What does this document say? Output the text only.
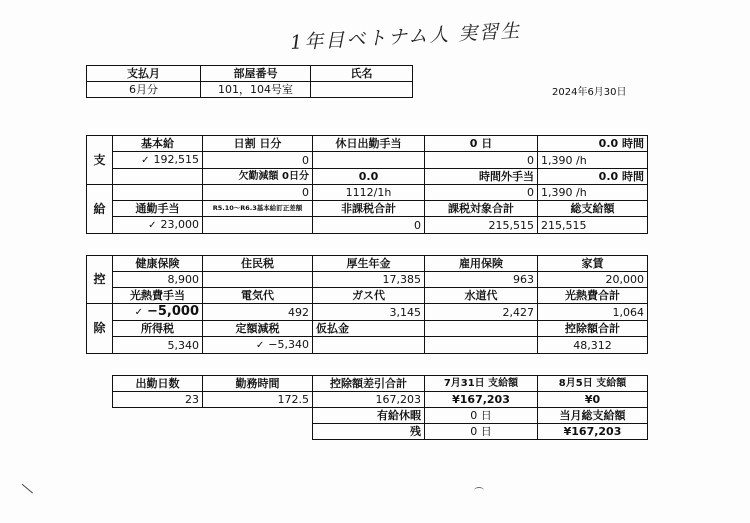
1年目ベトナム人 実習生
支払月	部屋番号	氏名
6月分	101，104号室		2024年6月30日
支	基本給	日割 日分	休日出勤手当	0 日	0.0 時間
	✓ 192,515	0		0	1,390 /h
		欠勤減額 0日分	0.0	時間外手当	0.0 時間
給		0	1112/1h	0	1,390 /h
	通勤手当	R5.10～R6.3基本給訂正差額	非課税合計	課税対象合計	総支給額
	✓ 23,000		0	215,515	215,515
控	健康保険	住民税	厚生年金	雇用保険	家賃
	8,900		17,385	963	20,000
	光熱費手当	電気代	ガス代	水道代	光熱費合計
除	✓ −5,000	492	3,145	2,427	1,064
	所得税	定額減税	仮払金		控除額合計
	5,340	✓ −5,340			48,312
出勤日数	勤務時間	控除額差引合計	7月31日 支給額	8月5日 支給額
23	172.5	167,203	¥167,203	¥0
		有給休暇	0 日	当月総支給額
		残	0 日	¥167,203
